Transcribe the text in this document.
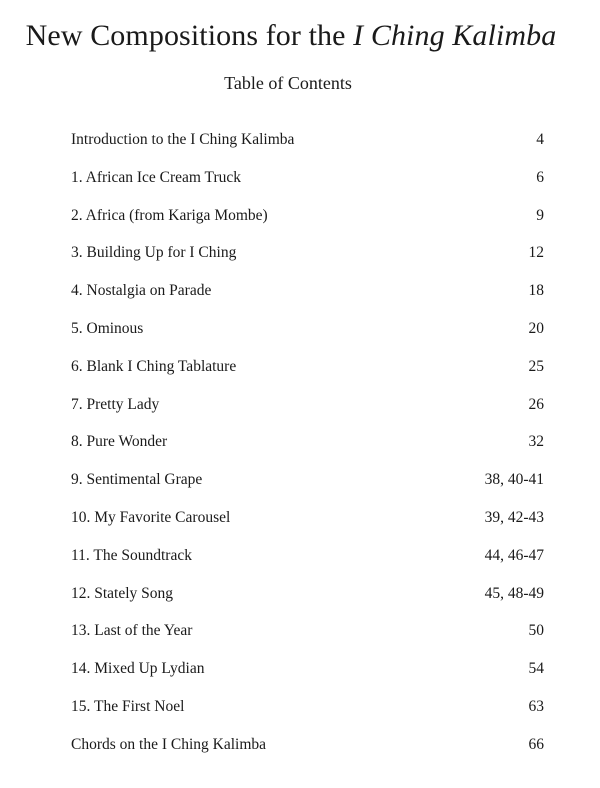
New Compositions for the I Ching Kalimba
Table of Contents
Introduction to the I Ching Kalimba	4
1. African Ice Cream Truck	6
2. Africa (from Kariga Mombe)	9
3. Building Up for I Ching	12
4. Nostalgia on Parade	18
5. Ominous	20
6. Blank I Ching Tablature	25
7. Pretty Lady	26
8. Pure Wonder	32
9. Sentimental Grape	38, 40-41
10. My Favorite Carousel	39, 42-43
11. The Soundtrack	44, 46-47
12. Stately Song	45, 48-49
13. Last of the Year	50
14. Mixed Up Lydian	54
15. The First Noel	63
Chords on the I Ching Kalimba	66
